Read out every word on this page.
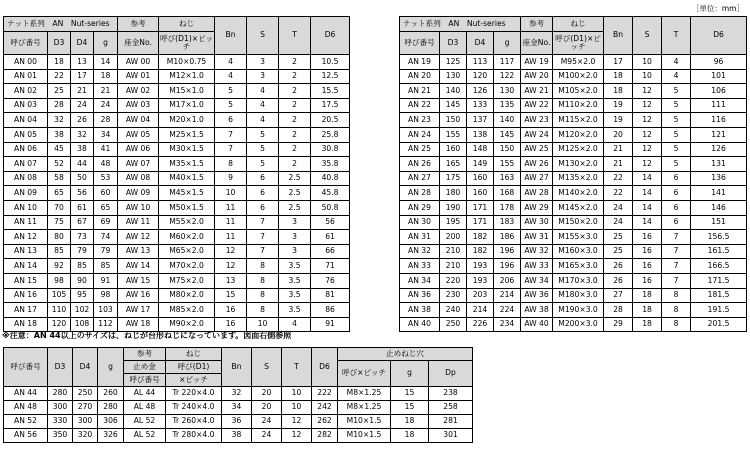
［単位：mm］
ナット系列　 AN　Nut-series				参考	ねじ	Bn	S	T	D6
呼び番号	D3	D4	g	座金No.	呼び(D1)×ピッチ				
AN 00	18	13	14	AW 00	M10×0.75	4	3	2	10.5
AN 01	22	17	18	AW 01	M12×1.0	4	3	2	12.5
AN 02	25	21	21	AW 02	M15×1.0	5	4	2	15.5
AN 03	28	24	24	AW 03	M17×1.0	5	4	2	17.5
AN 04	32	26	28	AW 04	M20×1.0	6	4	2	20.5
AN 05	38	32	34	AW 05	M25×1.5	7	5	2	25.8
AN 06	45	38	41	AW 06	M30×1.5	7	5	2	30.8
AN 07	52	44	48	AW 07	M35×1.5	8	5	2	35.8
AN 08	58	50	53	AW 08	M40×1.5	9	6	2.5	40.8
AN 09	65	56	60	AW 09	M45×1.5	10	6	2.5	45.8
AN 10	70	61	65	AW 10	M50×1.5	11	6	2.5	50.8
AN 11	75	67	69	AW 11	M55×2.0	11	7	3	56
AN 12	80	73	74	AW 12	M60×2.0	11	7	3	61
AN 13	85	79	79	AW 13	M65×2.0	12	7	3	66
AN 14	92	85	85	AW 14	M70×2.0	12	8	3.5	71
AN 15	98	90	91	AW 15	M75×2.0	13	8	3.5	76
AN 16	105	95	98	AW 16	M80×2.0	15	8	3.5	81
AN 17	110	102	103	AW 17	M85×2.0	16	8	3.5	86
AN 18	120	108	112	AW 18	M90×2.0	16	10	4	91
ナット系列　 AN　Nut-series				参考	ねじ	Bn	S	T	D6
呼び番号	D3	D4	g	座金No.	呼び(D1)×ピッチ				
AN 19	125	113	117	AW 19	M95×2.0	17	10	4	96
AN 20	130	120	122	AW 20	M100×2.0	18	10	4	101
AN 21	140	126	130	AW 21	M105×2.0	18	12	5	106
AN 22	145	133	135	AW 22	M110×2.0	19	12	5	111
AN 23	150	137	140	AW 23	M115×2.0	19	12	5	116
AN 24	155	138	145	AW 24	M120×2.0	20	12	5	121
AN 25	160	148	150	AW 25	M125×2.0	21	12	5	126
AN 26	165	149	155	AW 26	M130×2.0	21	12	5	131
AN 27	175	160	163	AW 27	M135×2.0	22	14	6	136
AN 28	180	160	168	AW 28	M140×2.0	22	14	6	141
AN 29	190	171	178	AW 29	M145×2.0	24	14	6	146
AN 30	195	171	183	AW 30	M150×2.0	24	14	6	151
AN 31	200	182	186	AW 31	M155×3.0	25	16	7	156.5
AN 32	210	182	196	AW 32	M160×3.0	25	16	7	161.5
AN 33	210	193	196	AW 33	M165×3.0	26	16	7	166.5
AN 34	220	193	206	AW 34	M170×3.0	26	16	7	171.5
AN 36	230	203	214	AW 36	M180×3.0	27	18	8	181.5
AN 38	240	214	224	AW 38	M190×3.0	28	18	8	191.5
AN 40	250	226	234	AW 40	M200×3.0	29	18	8	201.5
※注意：AN 44以上のサイズは、ねじが台形ねじになっています。図面右側参照
呼び番号	D3	D4	g	参考	ねじ	Bn	S	T	D6	止めねじ穴		
				止め金	呼び(D1)					呼び×ピッチ	g	Dp
				呼び番号	×ピッチ							
AN 44	280	250	260	AL 44	Tr 220×4.0	32	20	10	222	M8×1.25	15	238
AN 48	300	270	280	AL 48	Tr 240×4.0	34	20	10	242	M8×1.25	15	258
AN 52	330	300	306	AL 52	Tr 260×4.0	36	24	12	262	M10×1.5	18	281
AN 56	350	320	326	AL 52	Tr 280×4.0	38	24	12	282	M10×1.5	18	301
